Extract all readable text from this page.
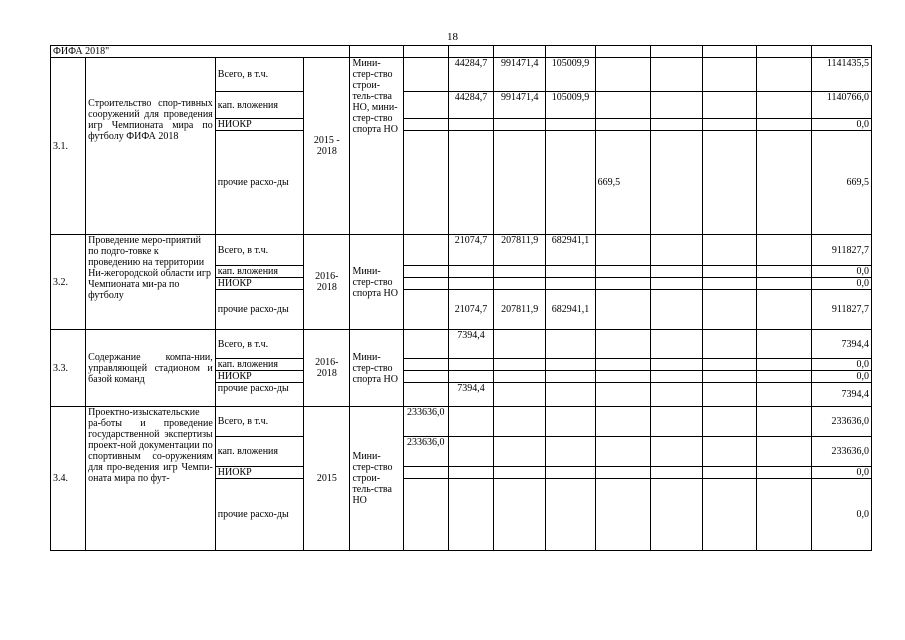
18
ФИФА 2018"													
3.1.	Строительство спор-тивных сооружений для проведения игр Чемпионата мира по футболу ФИФА 2018	Всего, в т.ч.	2015 - 2018	Мини-стер-ство строи-тель-ства НО, мини-стер-ство спорта НО		44284,7	991471,4	105009,9					1141435,5
		кап. вложения				44284,7	991471,4	105009,9					1140766,0
		НИОКР											0,0
		прочие расхо-ды							669,5				669,5
3.2.	Проведение меро-приятий по подго-товке к проведению на территории Ни-жегородской области игр Чемпионата ми-ра по футболу	Всего, в т.ч.	2016-2018	Мини-стер-ство спорта НО		21074,7	207811,9	682941,1					911827,7
		кап. вложения											0,0
		НИОКР											0,0
		прочие расхо-ды				21074,7	207811,9	682941,1					911827,7
3.3.	Содержание компа-нии, управляющей стадионом и базой команд	Всего, в т.ч.	2016-2018	Мини-стер-ство спорта НО		7394,4							7394,4
		кап. вложения											0,0
		НИОКР											0,0
		прочие расхо-ды				7394,4							7394,4
3.4.	Проектно-изыскательские ра-боты и проведение государственной экспертизы проект-ной документации по спортивным со-оружениям для про-ведения игр Чемпи-оната мира по фут-	Всего, в т.ч.	2015	Мини-стер-ство строи-тель-ства НО	233636,0								233636,0
		кап. вложения			233636,0								233636,0
		НИОКР											0,0
		прочие расхо-ды											0,0
